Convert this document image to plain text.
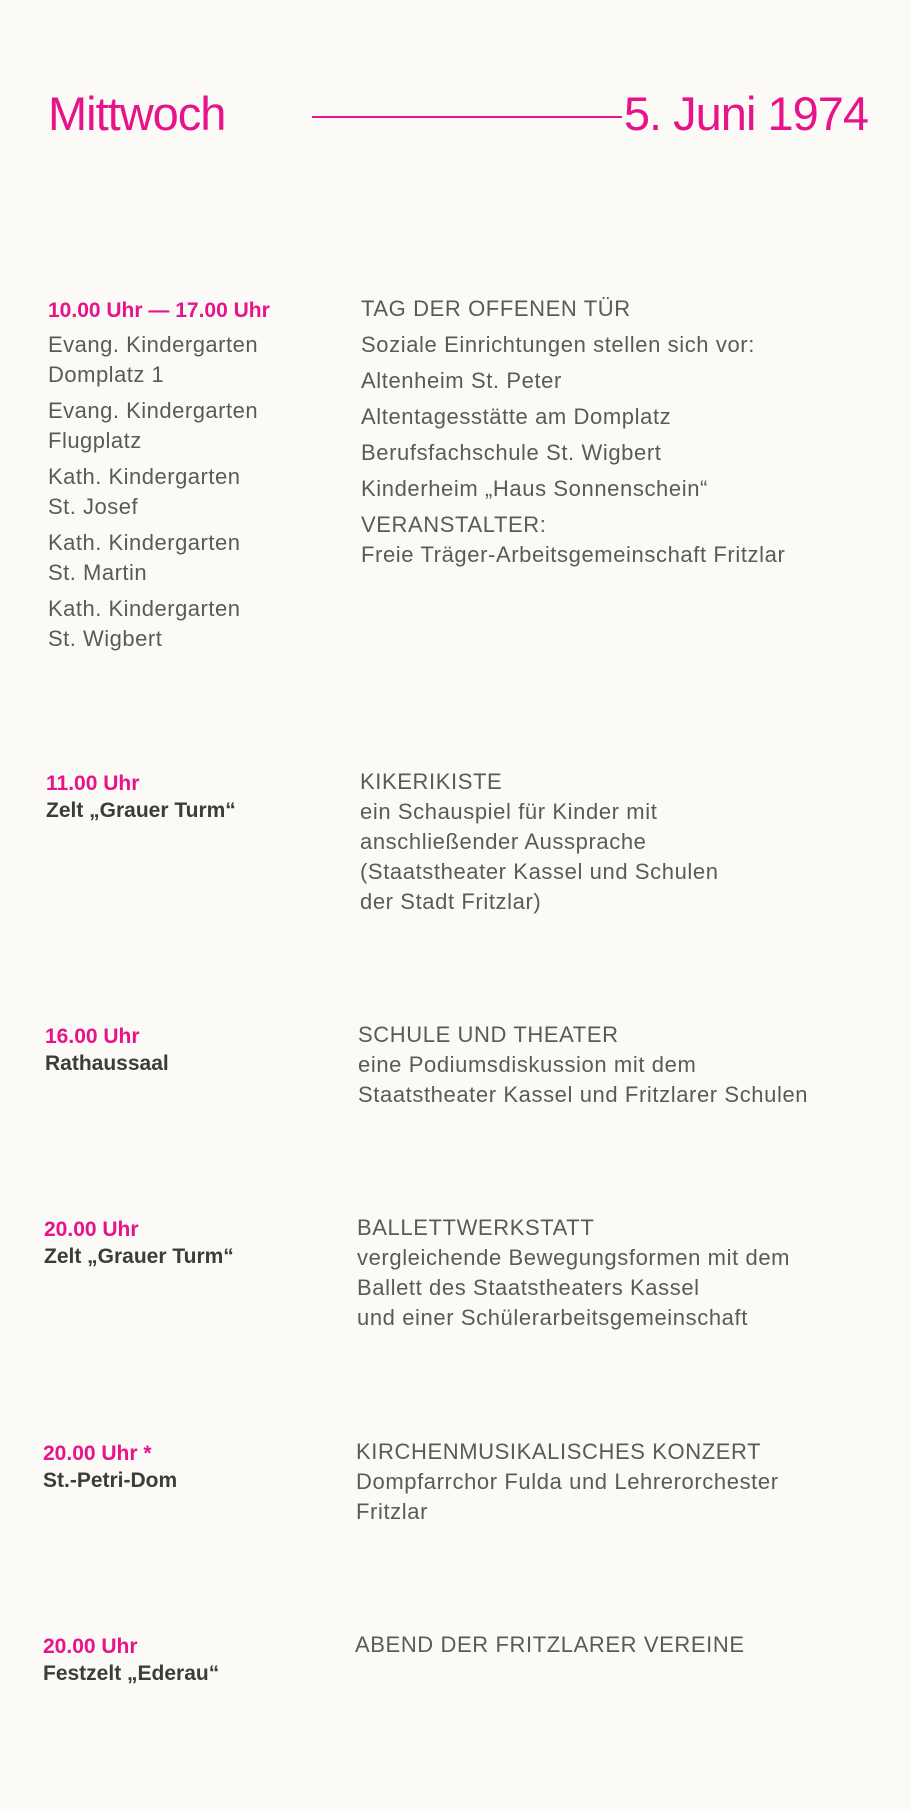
Mittwoch	5. Juni 1974
10.00 Uhr — 17.00 Uhr
Evang. Kindergarten
Domplatz 1
Evang. Kindergarten
Flugplatz
Kath. Kindergarten
St. Josef
Kath. Kindergarten
St. Martin
Kath. Kindergarten
St. Wigbert
TAG DER OFFENEN TÜR
Soziale Einrichtungen stellen sich vor:
Altenheim St. Peter
Altentagesstätte am Domplatz
Berufsfachschule St. Wigbert
Kinderheim „Haus Sonnenschein“
VERANSTALTER:
Freie Träger-Arbeitsgemeinschaft Fritzlar
11.00 Uhr
Zelt „Grauer Turm“
KIKERIKISTE
ein Schauspiel für Kinder mit
anschließender Aussprache
(Staatstheater Kassel und Schulen
der Stadt Fritzlar)
16.00 Uhr
Rathaussaal
SCHULE UND THEATER
eine Podiumsdiskussion mit dem
Staatstheater Kassel und Fritzlarer Schulen
20.00 Uhr
Zelt „Grauer Turm“
BALLETTWERKSTATT
vergleichende Bewegungsformen mit dem
Ballett des Staatstheaters Kassel
und einer Schülerarbeitsgemeinschaft
20.00 Uhr *
St.-Petri-Dom
KIRCHENMUSIKALISCHES KONZERT
Dompfarrchor Fulda und Lehrerorchester
Fritzlar
20.00 Uhr
Festzelt „Ederau“
ABEND DER FRITZLARER VEREINE
